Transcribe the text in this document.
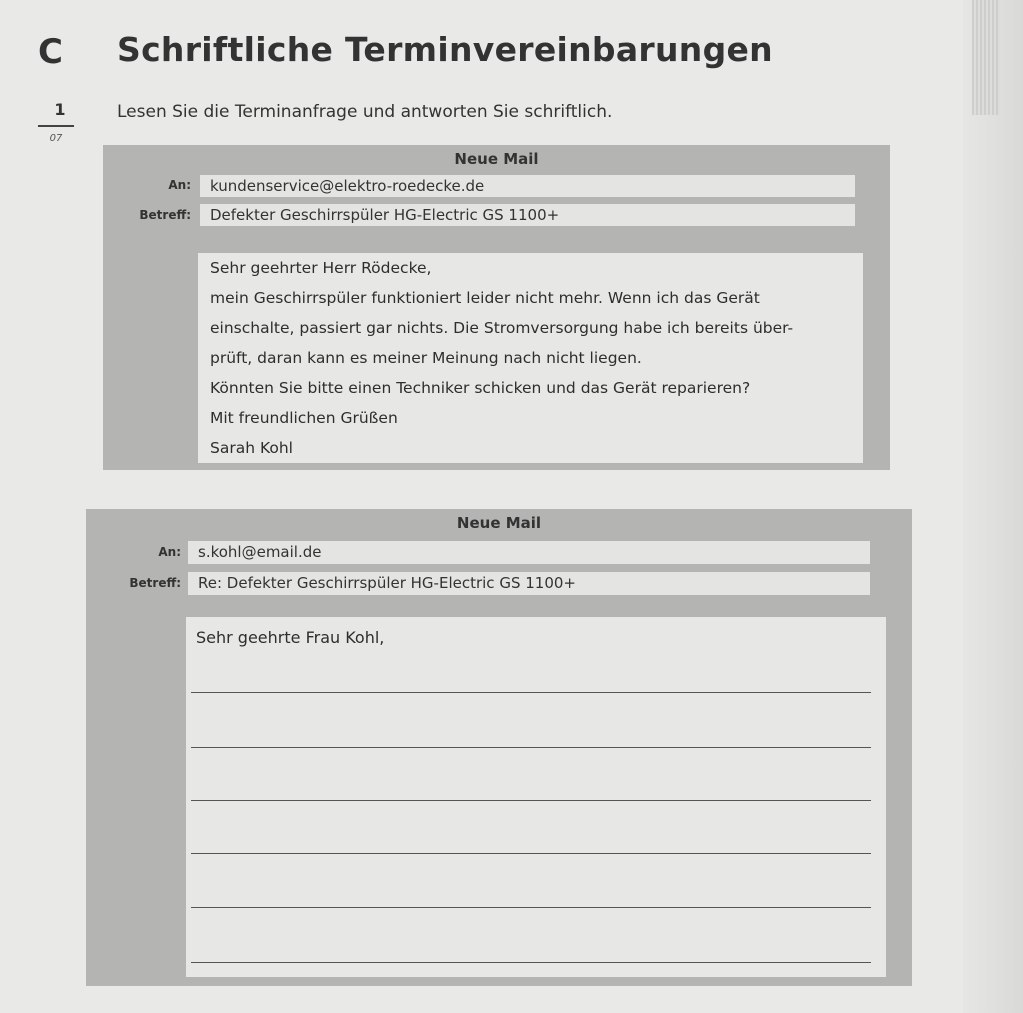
C Schriftliche Terminvereinbarungen
1
07
Lesen Sie die Terminanfrage und antworten Sie schriftlich.
Neue Mail
An:	kundenservice@elektro-roedecke.de
Betreff:	Defekter Geschirrspüler HG-Electric GS 1100+

Sehr geehrter Herr Rödecke,

mein Geschirrspüler funktioniert leider nicht mehr. Wenn ich das Gerät

einschalte, passiert gar nichts. Die Stromversorgung habe ich bereits über-

prüft, daran kann es meiner Meinung nach nicht liegen.

Könnten Sie bitte einen Techniker schicken und das Gerät reparieren?

Mit freundlichen Grüßen

Sarah Kohl

Neue Mail
An:	s.kohl@email.de
Betreff:	Re: Defekter Geschirrspüler HG-Electric GS 1100+
Sehr geehrte Frau Kohl,
